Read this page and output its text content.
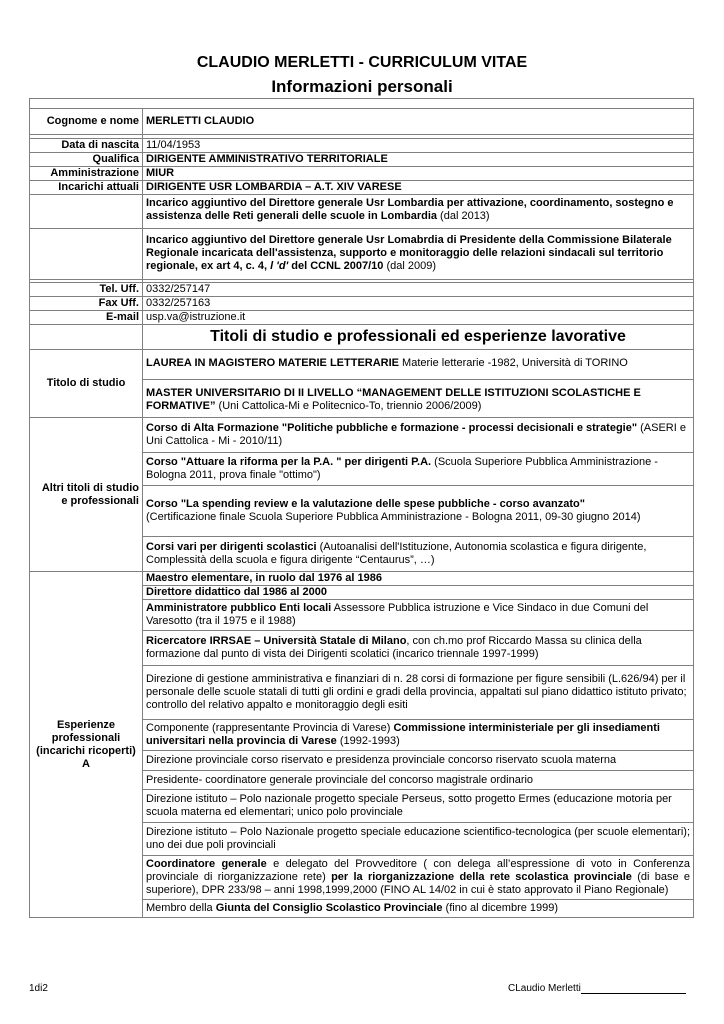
CLAUDIO MERLETTI - CURRICULUM VITAE
Informazioni personali

Cognome e nome	MERLETTI CLAUDIO

Data di nascita	11/04/1953
Qualifica	DIRIGENTE AMMINISTRATIVO TERRITORIALE
Amministrazione	MIUR
Incarichi attuali	DIRIGENTE USR LOMBARDIA – A.T. XIV VARESE
	Incarico aggiuntivo del Direttore generale Usr Lombardia per attivazione, coordinamento, sostegno e assistenza delle Reti generali delle scuole in Lombardia (dal 2013)
	Incarico aggiuntivo del Direttore generale Usr Lomabrdia di Presidente della Commissione Bilaterale Regionale incaricata dell'assistenza, supporto e monitoraggio delle relazioni sindacali sul territorio regionale, ex art 4, c. 4, l 'd' del CCNL 2007/10 (dal 2009)

Tel. Uff.	0332/257147
Fax Uff.	0332/257163
E-mail	usp.va@istruzione.it
	Titoli di studio e professionali ed esperienze lavorative
Titolo di studio	LAUREA IN MAGISTERO MATERIE LETTERARIE Materie letterarie -1982, Università di TORINO
	MASTER UNIVERSITARIO DI II LIVELLO “MANAGEMENT DELLE ISTITUZIONI SCOLASTICHE E FORMATIVE” (Uni Cattolica-Mi e Politecnico-To, triennio 2006/2009)
Altri titoli di studio e professionali	Corso di Alta Formazione "Politiche pubbliche e formazione - processi decisionali e strategie" (ASERI e Uni Cattolica - Mi - 2010/11)
	Corso "Attuare la riforma per la P.A. " per dirigenti P.A. (Scuola Superiore Pubblica Amministrazione - Bologna 2011, prova finale "ottimo")
	Corso "La spending review e la valutazione delle spese pubbliche - corso avanzato"
(Certificazione finale Scuola Superiore Pubblica Amministrazione - Bologna 2011, 09-30 giugno 2014)
	Corsi vari per dirigenti scolastici (Autoanalisi dell'Istituzione, Autonomia scolastica e figura dirigente, Complessità della scuola e figura dirigente “Centaurus”, …)
Esperienze professionali (incarichi ricoperti) A	Maestro elementare, in ruolo dal 1976 al 1986
	Direttore didattico dal 1986 al 2000
	Amministratore pubblico Enti locali Assessore Pubblica istruzione e Vice Sindaco in due Comuni del Varesotto (tra il 1975 e il 1988)
	Ricercatore IRRSAE – Università Statale di Milano, con ch.mo prof Riccardo Massa su clinica della formazione dal punto di vista dei Dirigenti scolatici (incarico triennale 1997-1999)
	Direzione di gestione amministrativa e finanziari di n. 28 corsi di formazione per figure sensibili (L.626/94) per il personale delle scuole statali di tutti gli ordini e gradi della provincia, appaltati sul piano didattico istituto privato; controllo del relativo appalto e monitoraggio degli esiti
	Componente (rappresentante Provincia di Varese) Commissione interministeriale per gli insediamenti universitari nella provincia di Varese (1992-1993)
	Direzione provinciale corso riservato e presidenza provinciale concorso riservato scuola materna
	Presidente- coordinatore generale provinciale del concorso magistrale ordinario
	Direzione istituto – Polo nazionale progetto speciale Perseus, sotto progetto Ermes (educazione motoria per scuola materna ed elementari; unico polo provinciale
	Direzione istituto – Polo Nazionale progetto speciale educazione scientifico-tecnologica (per scuole elementari); uno dei due poli provinciali
	Coordinatore generale e delegato del Provveditore ( con delega all’espressione di voto in Conferenza provinciale di riorganizzazione rete) per la riorganizzazione della rete scolastica provinciale (di base e superiore), DPR 233/98 – anni 1998,1999,2000 (FINO AL 14/02 in cui è stato approvato il Piano Regionale)
	Membro della Giunta del Consiglio Scolastico Provinciale (fino al dicembre 1999)
1di2	CLaudio Merletti
